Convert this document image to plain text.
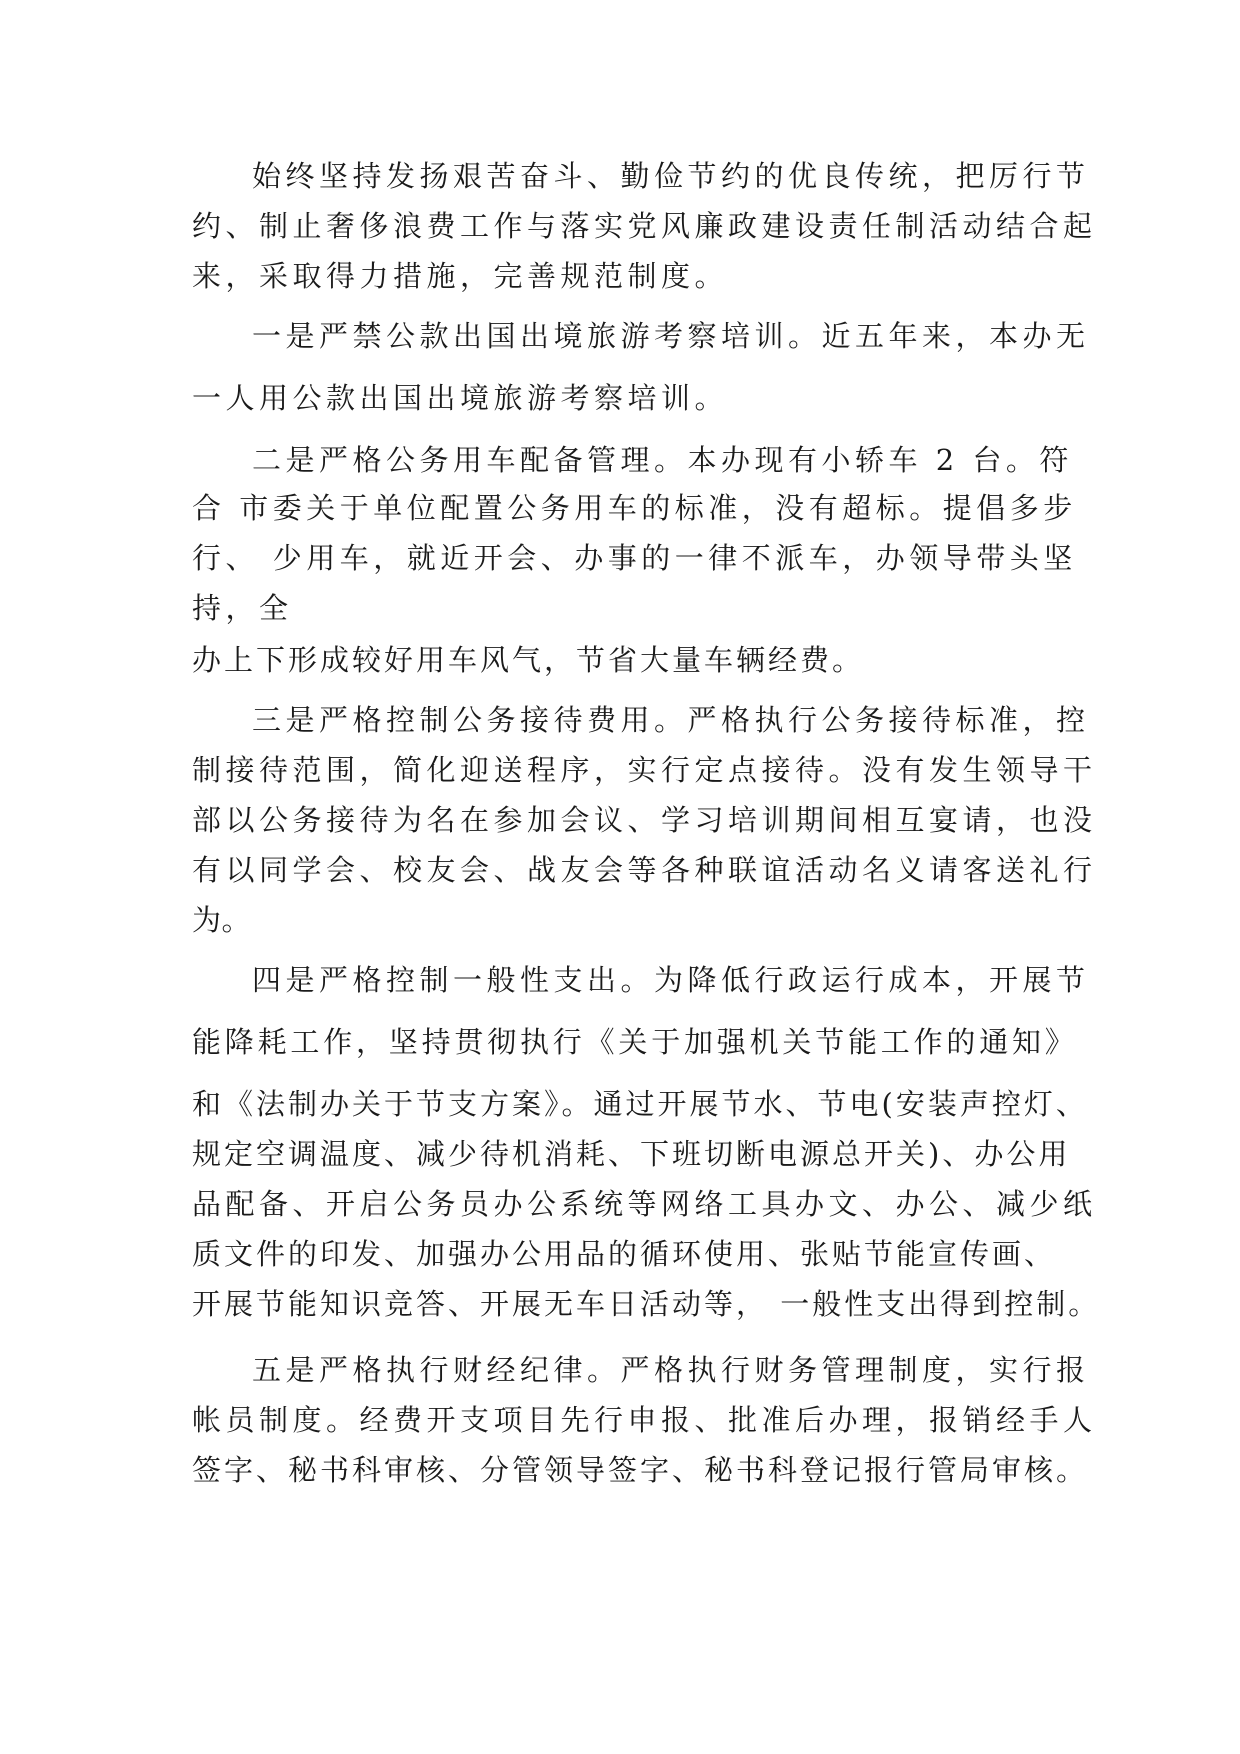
始终坚持发扬艰苦奋斗、勤俭节约的优良传统，把厉行节
约、制止奢侈浪费工作与落实党风廉政建设责任制活动结合起
来，采取得力措施，完善规范制度。
一是严禁公款出国出境旅游考察培训。近五年来，本办无
一人用公款出国出境旅游考察培训。
二是严格公务用车配备管理。本办现有小轿车 2 台。符
合 市委关于单位配置公务用车的标准，没有超标。提倡多步
行、 少用车，就近开会、办事的一律不派车，办领导带头坚
持，全
办上下形成较好用车风气，节省大量车辆经费。
三是严格控制公务接待费用。严格执行公务接待标准，控
制接待范围，简化迎送程序，实行定点接待。没有发生领导干
部以公务接待为名在参加会议、学习培训期间相互宴请，也没
有以同学会、校友会、战友会等各种联谊活动名义请客送礼行
为。
四是严格控制一般性支出。为降低行政运行成本，开展节
能降耗工作，坚持贯彻执行《关于加强机关节能工作的通知》
和《法制办关于节支方案》。通过开展节水、节电(安装声控灯、
规定空调温度、减少待机消耗、下班切断电源总开关)、办公用
品配备、开启公务员办公系统等网络工具办文、办公、减少纸
质文件的印发、加强办公用品的循环使用、张贴节能宣传画、
开展节能知识竞答、开展无车日活动等， 一般性支出得到控制。
五是严格执行财经纪律。严格执行财务管理制度，实行报
帐员制度。经费开支项目先行申报、批准后办理，报销经手人
签字、秘书科审核、分管领导签字、秘书科登记报行管局审核。
